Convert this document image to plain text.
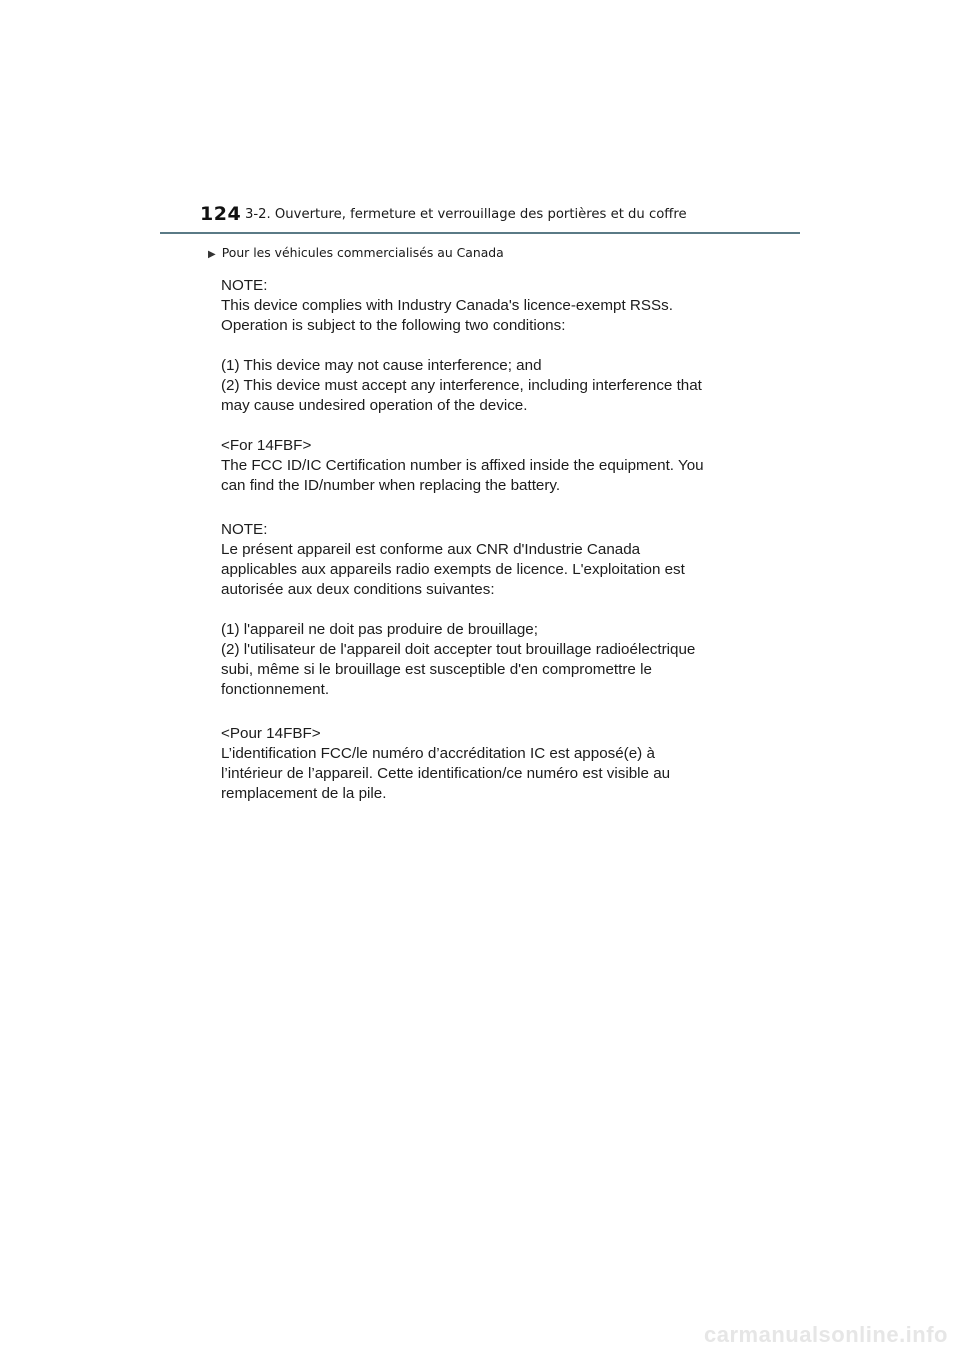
124 3-2. Ouverture, fermeture et verrouillage des portières et du coffre
▶ Pour les véhicules commercialisés au Canada

NOTE:

This device complies with Industry Canada's licence-exempt RSSs.

Operation is subject to the following two conditions:

(1) This device may not cause interference; and

(2) This device must accept any interference, including interference that

may cause undesired operation of the device.

<For 14FBF>

The FCC ID/IC Certification number is affixed inside the equipment. You

can find the ID/number when replacing the battery.

NOTE:

Le présent appareil est conforme aux CNR d'Industrie Canada

applicables aux appareils radio exempts de licence. L'exploitation est

autorisée aux deux conditions suivantes:

(1) l'appareil ne doit pas produire de brouillage;

(2) l'utilisateur de l'appareil doit accepter tout brouillage radioélectrique

subi, même si le brouillage est susceptible d'en compromettre le

fonctionnement.

<Pour 14FBF>

L’identification FCC/le numéro d’accréditation IC est apposé(e) à

l’intérieur de l’appareil. Cette identification/ce numéro est visible au

remplacement de la pile.

carmanualsonline.info
